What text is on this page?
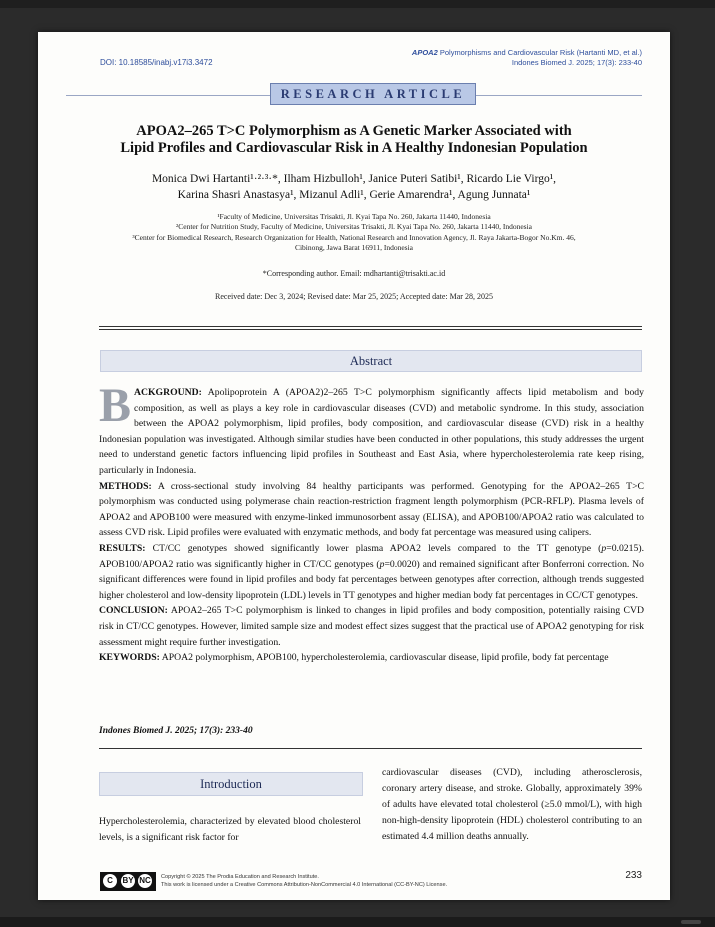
DOI: 10.18585/inabj.v17i3.3472
APOA2 Polymorphisms and Cardiovascular Risk (Hartanti MD, et al.)
Indones Biomed J. 2025; 17(3): 233-40
RESEARCH ARTICLE
APOA2–265 T>C Polymorphism as A Genetic Marker Associated with
Lipid Profiles and Cardiovascular Risk in A Healthy Indonesian Population
Monica Dwi Hartanti¹·²·³·*, Ilham Hizbulloh¹, Janice Puteri Satibi¹, Ricardo Lie Virgo¹,
Karina Shasri Anastasya¹, Mizanul Adli¹, Gerie Amarendra¹, Agung Junnata¹
¹Faculty of Medicine, Universitas Trisakti, Jl. Kyai Tapa No. 260, Jakarta 11440, Indonesia
²Center for Nutrition Study, Faculty of Medicine, Universitas Trisakti, Jl. Kyai Tapa No. 260, Jakarta 11440, Indonesia
³Center for Biomedical Research, Research Organization for Health, National Research and Innovation Agency, Jl. Raya Jakarta-Bogor No.Km. 46,
Cibinong, Jawa Barat 16911, Indonesia
*Corresponding author. Email: mdhartanti@trisakti.ac.id
Received date: Dec 3, 2024; Revised date: Mar 25, 2025; Accepted date: Mar 28, 2025
Abstract

BACKGROUND: Apolipoprotein A (APOA2)2–265 T>C polymorphism significantly affects lipid metabolism and body composition, as well as plays a key role in cardiovascular diseases (CVD) and metabolic syndrome. In this study, association between the APOA2 polymorphism, lipid profiles, body composition, and cardiovascular disease (CVD) risk in a healthy Indonesian population was investigated. Although similar studies have been conducted in other populations, this study addresses the urgent need to understand genetic factors influencing lipid profiles in Southeast and East Asia, where hypercholesterolemia rate keep rising, particularly in Indonesia.

METHODS: A cross-sectional study involving 84 healthy participants was performed. Genotyping for the APOA2–265 T>C polymorphism was conducted using polymerase chain reaction-restriction fragment length polymorphism (PCR-RFLP). Plasma levels of APOA2 and APOB100 were measured with enzyme-linked immunosorbent assay (ELISA), and APOB100/APOA2 ratio was calculated to assess CVD risk. Lipid profiles were evaluated with enzymatic methods, and body fat percentage was measured using calipers.

RESULTS: CT/CC genotypes showed significantly lower plasma APOA2 levels compared to the TT genotype (p=0.0215). APOB100/APOA2 ratio was significantly higher in CT/CC genotypes (p=0.0020) and remained significant after Bonferroni correction. No significant differences were found in lipid profiles and body fat percentages between genotypes after correction, although trends suggested higher cholesterol and low-density lipoprotein (LDL) levels in TT genotypes and higher median body fat percentages in CC/CT genotypes.

CONCLUSION: APOA2–265 T>C polymorphism is linked to changes in lipid profiles and body composition, potentially raising CVD risk in CT/CC genotypes. However, limited sample size and modest effect sizes suggest that the practical use of APOA2 genotyping for risk assessment might require further investigation.

KEYWORDS: APOA2 polymorphism, APOB100, hypercholesterolemia, cardiovascular disease, lipid profile, body fat percentage

Indones Biomed J. 2025; 17(3): 233-40
Introduction
Hypercholesterolemia, characterized by elevated blood cholesterol levels, is a significant risk factor for
cardiovascular diseases (CVD), including atherosclerosis, coronary artery disease, and stroke. Globally, approximately 39% of adults have elevated total cholesterol (≥5.0 mmol/L), with high non-high-density lipoprotein (HDL) cholesterol contributing to an estimated 4.4 million deaths annually.
C	BY NC Copyright © 2025 The Prodia Education and Research Institute.
This work is licensed under a Creative Commons Attribution-NonCommercial 4.0 International (CC-BY-NC) License.
233
